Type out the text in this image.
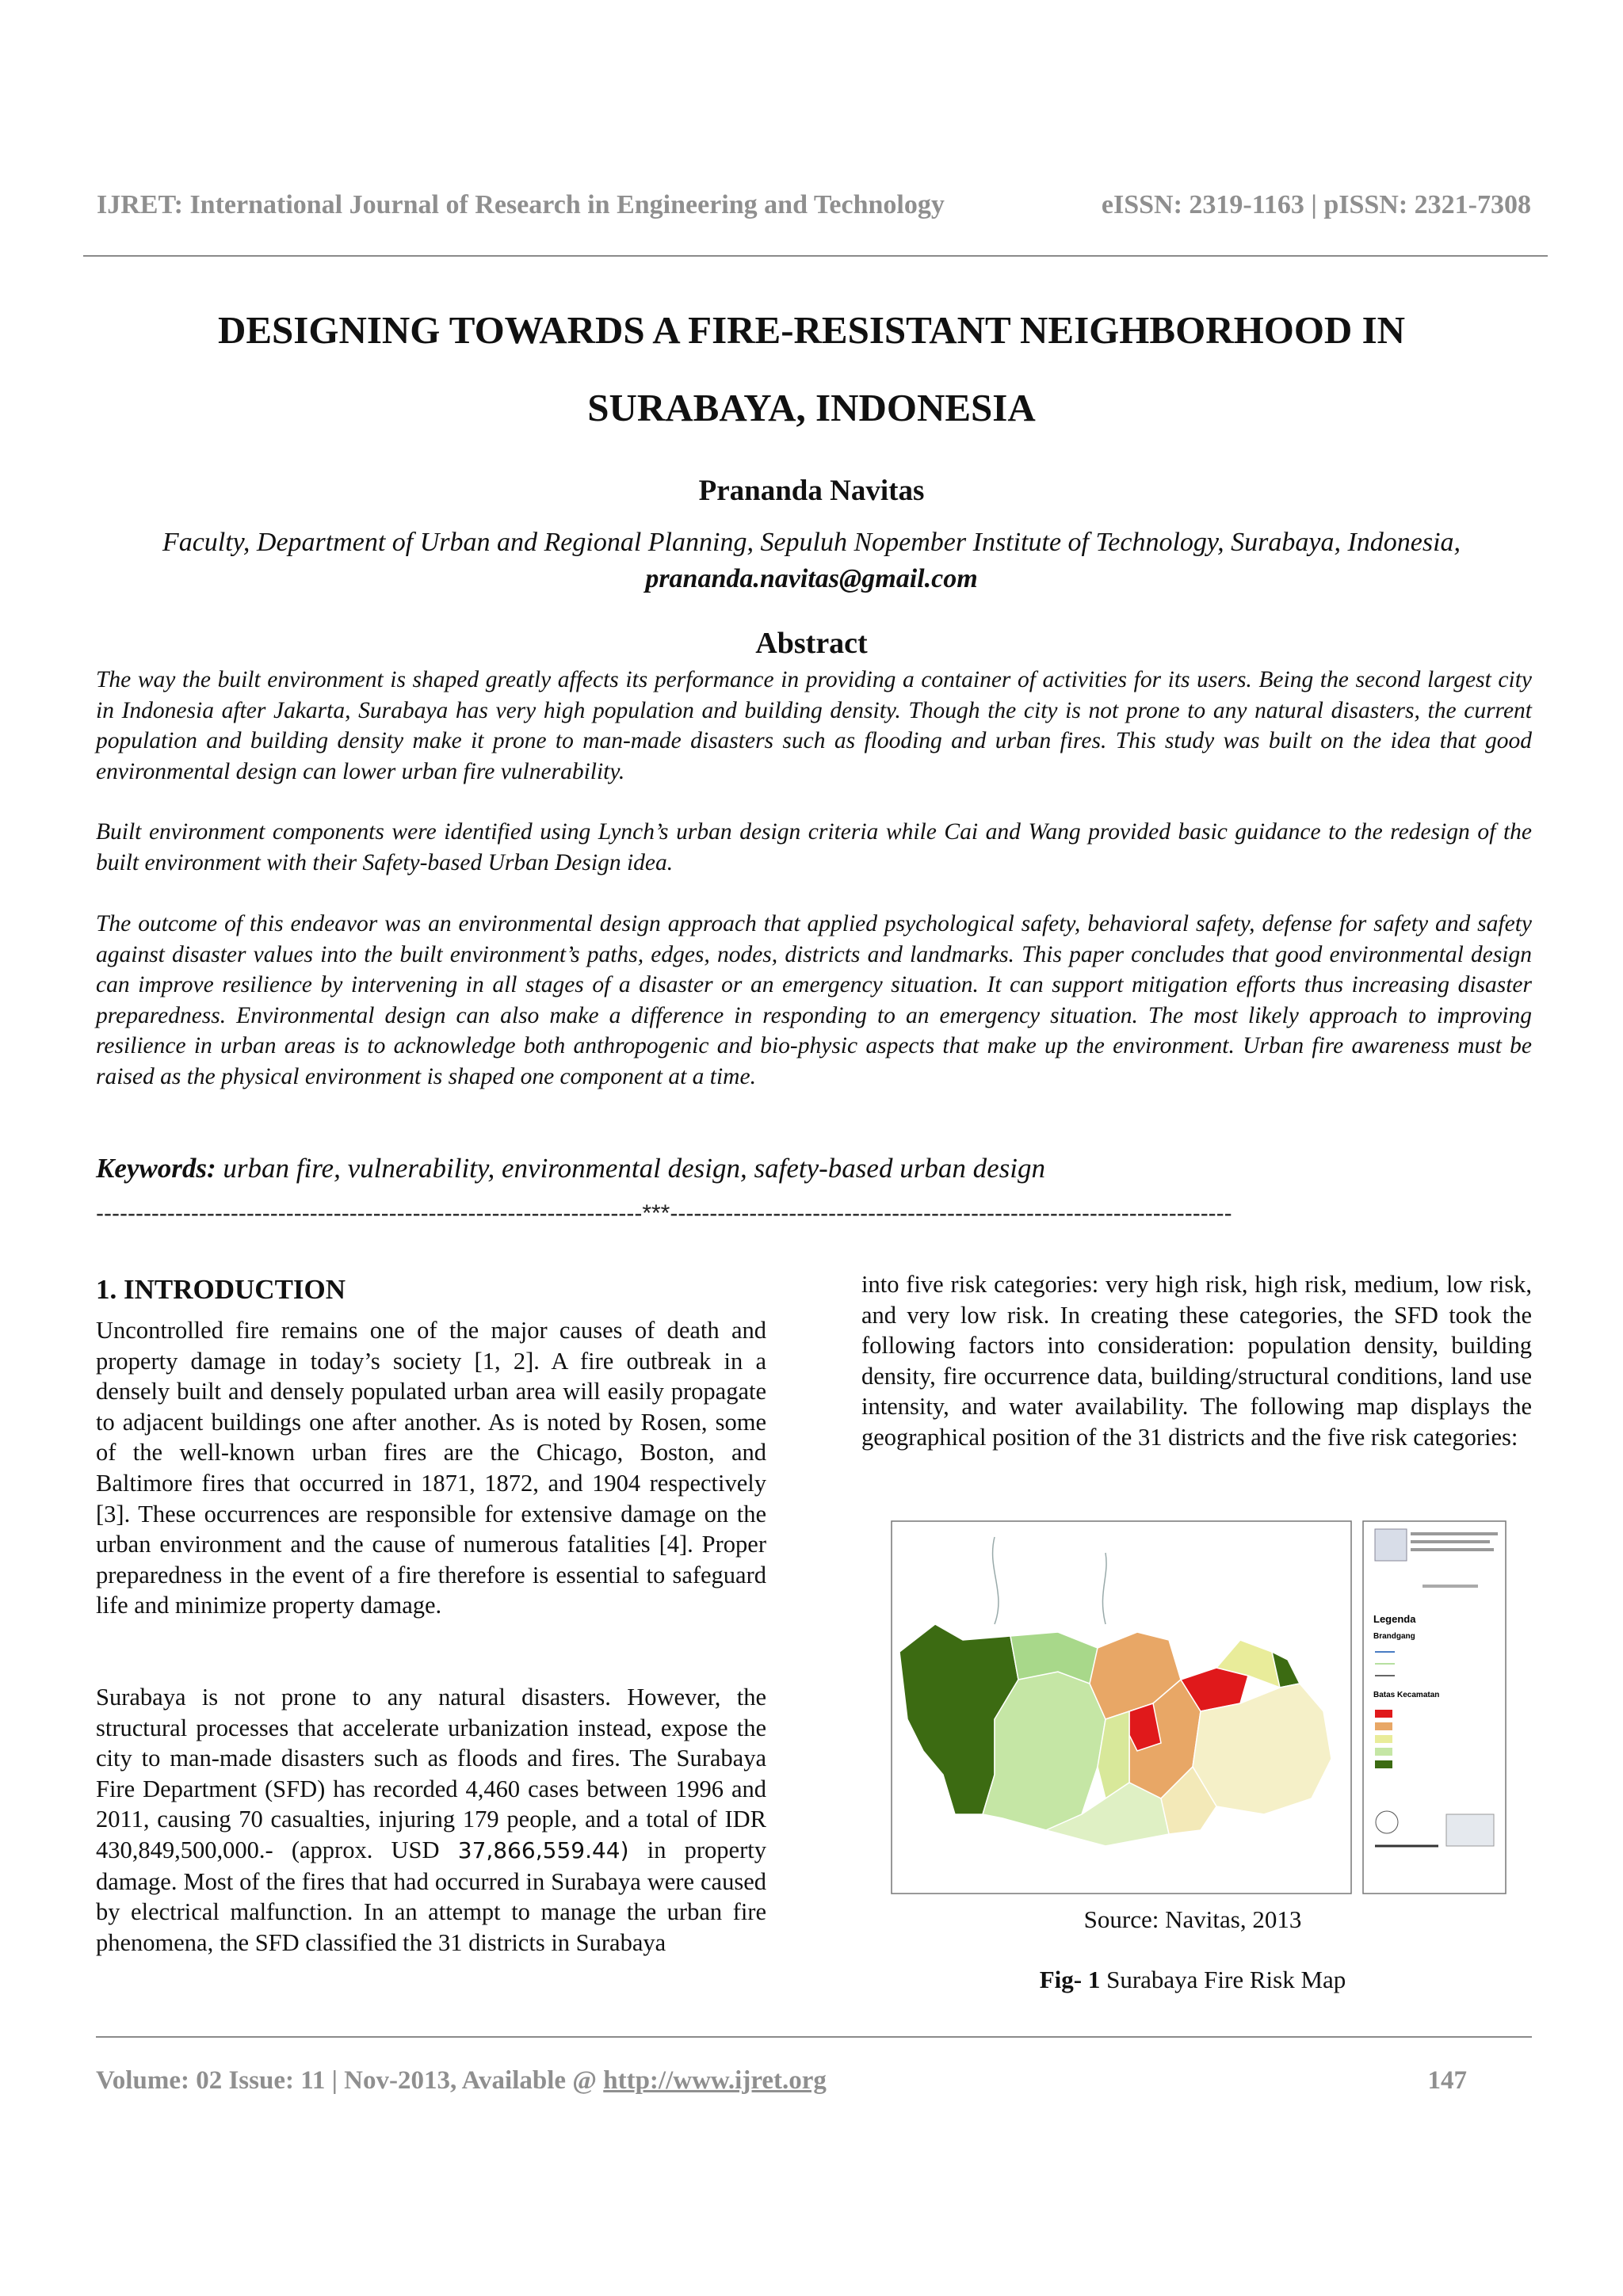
IJRET: International Journal of Research in Engineering and Technology	eISSN: 2319-1163 | pISSN: 2321-7308
DESIGNING TOWARDS A FIRE-RESISTANT NEIGHBORHOOD IN
SURABAYA, INDONESIA
Prananda Navitas
Faculty, Department of Urban and Regional Planning, Sepuluh Nopember Institute of Technology, Surabaya, Indonesia,
prananda.navitas@gmail.com
Abstract

The way the built environment is shaped greatly affects its performance in providing a container of activities for its users. Being the second largest city in Indonesia after Jakarta, Surabaya has very high population and building density. Though the city is not prone to any natural disasters, the current population and building density make it prone to man-made disasters such as flooding and urban fires. This study was built on the idea that good environmental design can lower urban fire vulnerability.

Built environment components were identified using Lynch’s urban design criteria while Cai and Wang provided basic guidance to the redesign of the built environment with their Safety-based Urban Design idea.

The outcome of this endeavor was an environmental design approach that applied psychological safety, behavioral safety, defense for safety and safety against disaster values into the built environment’s paths, edges, nodes, districts and landmarks. This paper concludes that good environmental design can improve resilience by intervening in all stages of a disaster or an emergency situation. It can support mitigation efforts thus increasing disaster preparedness. Environmental design can also make a difference in responding to an emergency situation. The most likely approach to improving resilience in urban areas is to acknowledge both anthropogenic and bio-physic aspects that make up the environment. Urban fire awareness must be raised as the physical environment is shaped one component at a time.

Keywords: urban fire, vulnerability, environmental design, safety-based urban design
---------------------------------------------------------------------***-----------------------------------------------------------------------
1. INTRODUCTION

Uncontrolled fire remains one of the major causes of death and property damage in today’s society [1, 2]. A fire outbreak in a densely built and densely populated urban area will easily propagate to adjacent buildings one after another. As is noted by Rosen, some of the well-known urban fires are the Chicago, Boston, and Baltimore fires that occurred in 1871, 1872, and 1904 respectively [3]. These occurrences are responsible for extensive damage on the urban environment and the cause of numerous fatalities [4]. Proper preparedness in the event of a fire therefore is essential to safeguard life and minimize property damage.

Surabaya is not prone to any natural disasters. However, the structural processes that accelerate urbanization instead, expose the city to man-made disasters such as floods and fires. The Surabaya Fire Department (SFD) has recorded 4,460 cases between 1996 and 2011, causing 70 casualties, injuring 179 people, and a total of IDR 430,849,500,000.- (approx. USD 37,866,559.44) in property damage. Most of the fires that had occurred in Surabaya were caused by electrical malfunction. In an attempt to manage the urban fire phenomena, the SFD classified the 31 districts in Surabaya

into five risk categories: very high risk, high risk, medium, low risk, and very low risk. In creating these categories, the SFD took the following factors into consideration: population density, building density, fire occurrence data, building/structural conditions, land use intensity, and water availability. The following map displays the geographical position of the 31 districts and the five risk categories:

Legenda
Brandgang
Batas Kecamatan
Source: Navitas, 2013
Fig- 1 Surabaya Fire Risk Map
Volume: 02 Issue: 11 | Nov-2013, Available @ http://www.ijret.org	147
